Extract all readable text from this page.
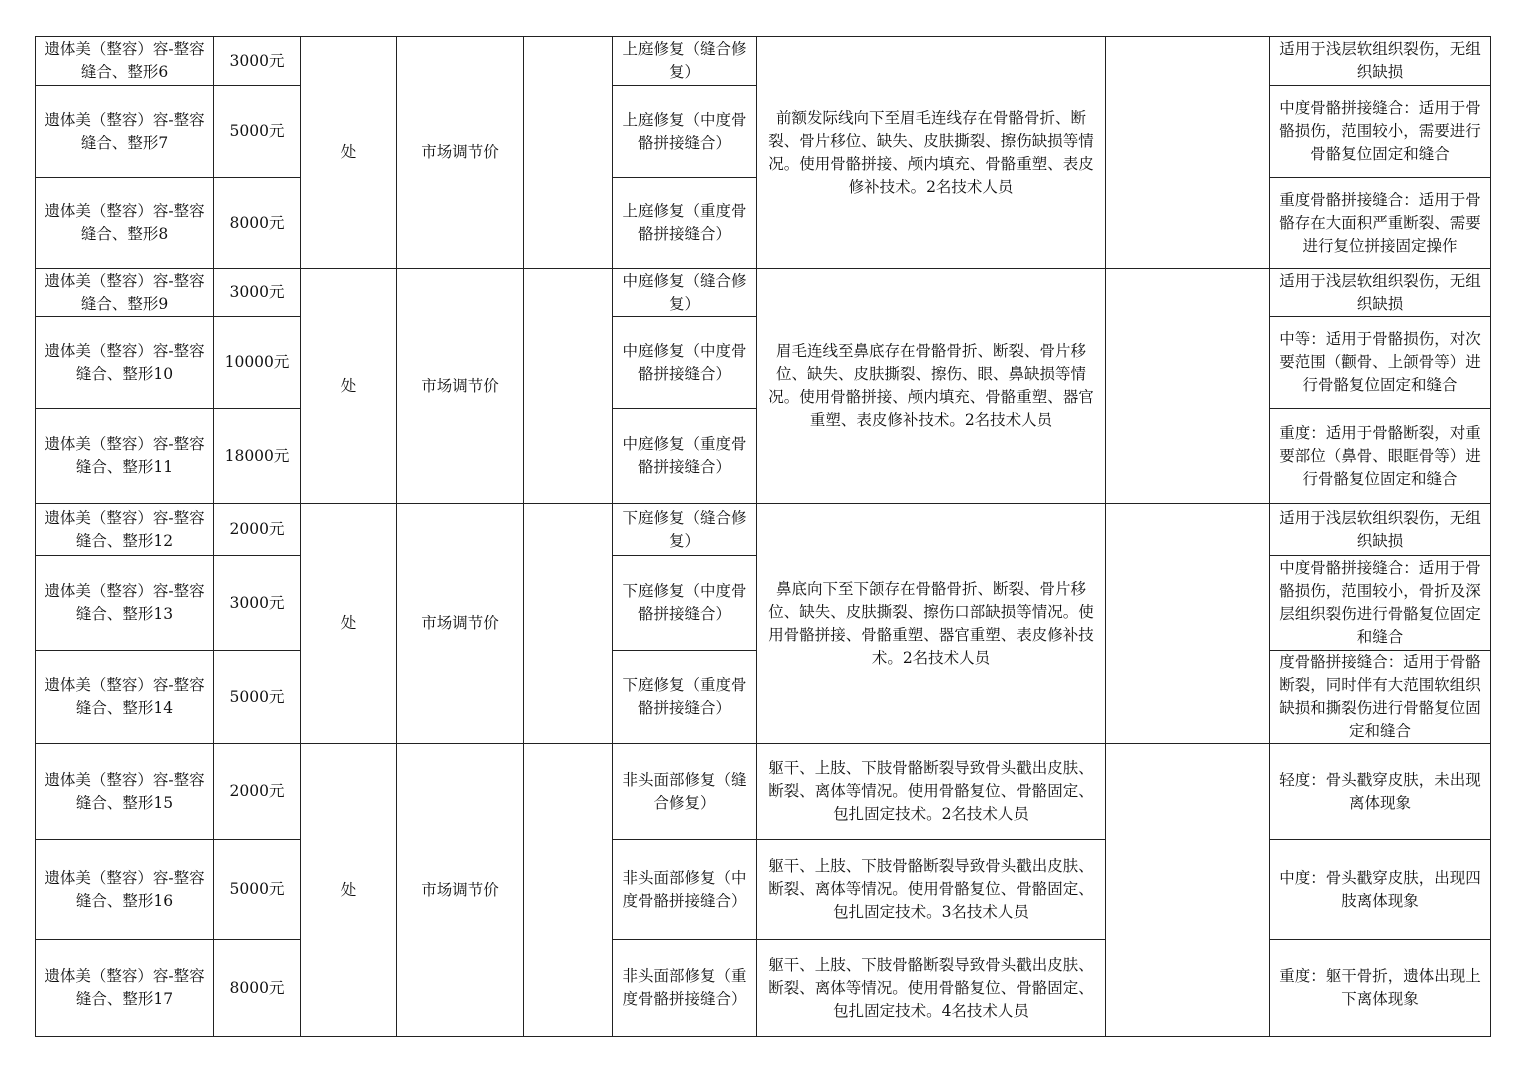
遗体美（整容）容-整容缝合、整形6	3000元	处	市场调节价		上庭修复（缝合修复）	前额发际线向下至眉毛连线存在骨骼骨折、断裂、骨片移位、缺失、皮肤撕裂、擦伤缺损等情况。使用骨骼拼接、颅内填充、骨骼重塑、表皮修补技术。2名技术人员		适用于浅层软组织裂伤，无组织缺损
遗体美（整容）容-整容缝合、整形7	5000元				上庭修复（中度骨骼拼接缝合）			中度骨骼拼接缝合：适用于骨骼损伤，范围较小，需要进行骨骼复位固定和缝合
遗体美（整容）容-整容缝合、整形8	8000元				上庭修复（重度骨骼拼接缝合）			重度骨骼拼接缝合：适用于骨骼存在大面积严重断裂、需要进行复位拼接固定操作
遗体美（整容）容-整容缝合、整形9	3000元	处	市场调节价		中庭修复（缝合修复）	眉毛连线至鼻底存在骨骼骨折、断裂、骨片移位、缺失、皮肤撕裂、擦伤、眼、鼻缺损等情况。使用骨骼拼接、颅内填充、骨骼重塑、器官重塑、表皮修补技术。2名技术人员		适用于浅层软组织裂伤，无组织缺损
遗体美（整容）容-整容缝合、整形10	10000元				中庭修复（中度骨骼拼接缝合）			中等：适用于骨骼损伤，对次要范围（颧骨、上颌骨等）进行骨骼复位固定和缝合
遗体美（整容）容-整容缝合、整形11	18000元				中庭修复（重度骨骼拼接缝合）			重度：适用于骨骼断裂，对重要部位（鼻骨、眼眶骨等）进行骨骼复位固定和缝合
遗体美（整容）容-整容缝合、整形12	2000元	处	市场调节价		下庭修复（缝合修复）	鼻底向下至下颌存在骨骼骨折、断裂、骨片移位、缺失、皮肤撕裂、擦伤口部缺损等情况。使用骨骼拼接、骨骼重塑、器官重塑、表皮修补技术。2名技术人员		适用于浅层软组织裂伤，无组织缺损
遗体美（整容）容-整容缝合、整形13	3000元				下庭修复（中度骨骼拼接缝合）			中度骨骼拼接缝合：适用于骨骼损伤，范围较小，骨折及深层组织裂伤进行骨骼复位固定和缝合
遗体美（整容）容-整容缝合、整形14	5000元				下庭修复（重度骨骼拼接缝合）			度骨骼拼接缝合：适用于骨骼断裂，同时伴有大范围软组织缺损和撕裂伤进行骨骼复位固定和缝合
遗体美（整容）容-整容缝合、整形15	2000元	处	市场调节价		非头面部修复（缝合修复）	躯干、上肢、下肢骨骼断裂导致骨头戳出皮肤、断裂、离体等情况。使用骨骼复位、骨骼固定、包扎固定技术。2名技术人员		轻度：骨头戳穿皮肤，未出现离体现象
遗体美（整容）容-整容缝合、整形16	5000元				非头面部修复（中度骨骼拼接缝合）	躯干、上肢、下肢骨骼断裂导致骨头戳出皮肤、断裂、离体等情况。使用骨骼复位、骨骼固定、包扎固定技术。3名技术人员		中度：骨头戳穿皮肤，出现四肢离体现象
遗体美（整容）容-整容缝合、整形17	8000元				非头面部修复（重度骨骼拼接缝合）	躯干、上肢、下肢骨骼断裂导致骨头戳出皮肤、断裂、离体等情况。使用骨骼复位、骨骼固定、包扎固定技术。4名技术人员		重度：躯干骨折，遗体出现上下离体现象
